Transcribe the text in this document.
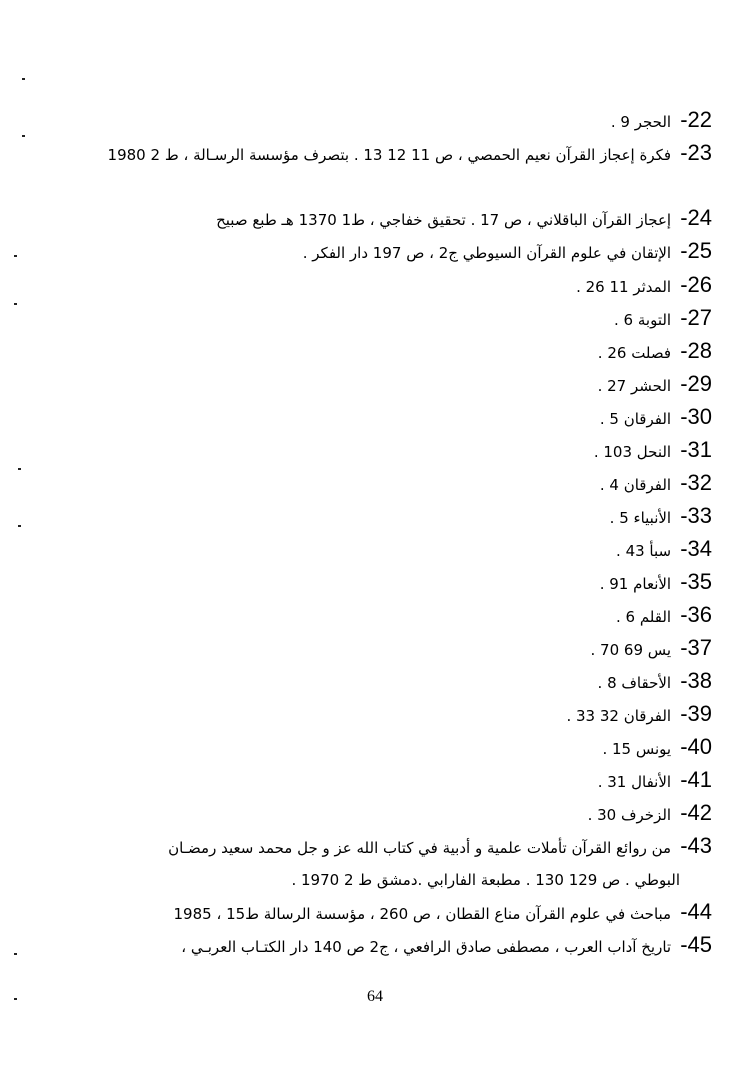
22- الحجر 9 .
23- فكرة إعجاز القرآن نعيم الحمصي ، ص 11 12 13 . بتصرف مؤسسة الرسـالة ، ط 2 1980
24- إعجاز القرآن الباقلاني ، ص 17 . تحقيق خفاجي ، ط1 1370 هـ طبع صبيح
25- الإتقان في علوم القرآن السيوطي ج2 ، ص 197 دار الفكر .
26- المدثر 11 26 .
27- التوبة 6 .
28- فصلت 26 .
29- الحشر 27 .
30- الفرقان 5 .
31- النحل 103 .
32- الفرقان 4 .
33- الأنبياء 5 .
34- سبأ 43 .
35- الأنعام 91 .
36- القلم 6 .
37- يس 69 70 .
38- الأحقاف 8 .
39- الفرقان 32 33 .
40- يونس 15 .
41- الأنفال 31 .
42- الزخرف 30 .
43- من روائع القرآن تأملات علمية و أدبية في كتاب الله عز و جل محمد سعيد رمضـان
البوطي . ص 129 130 . مطبعة الفارابي .دمشق ط 2 1970 .
44- مباحث في علوم القرآن مناع القطان ، ص 260 ، مؤسسة الرسالة ط15 ، 1985
45- تاريخ آداب العرب ، مصطفى صادق الرافعي ، ج2 ص 140 دار الكتـاب العربـي ،
64
